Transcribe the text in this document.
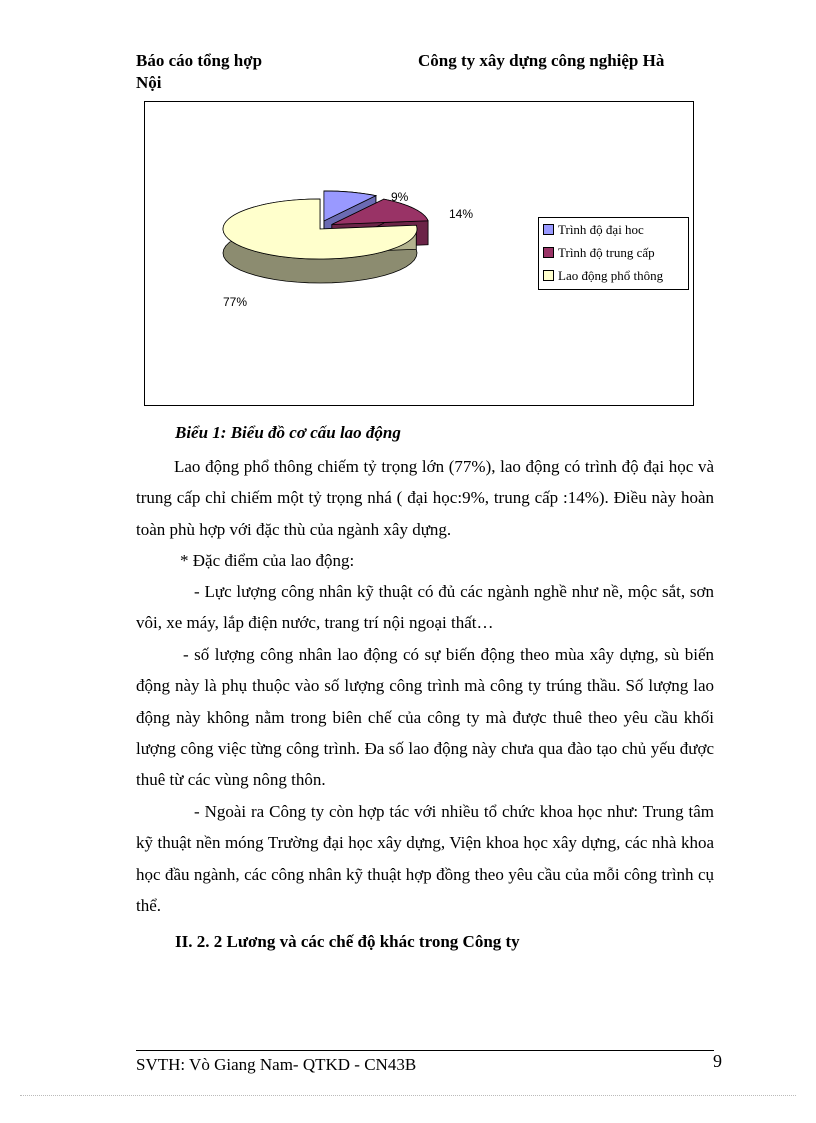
Báo cáo tổng hợp
Nội
Công ty xây dựng công nghiệp Hà
9%
14%
77%
Trình độ đại hoc
Trình độ trung cấp
Lao động phổ thông
Biểu 1: Biểu đồ cơ cấu lao động
Lao động phổ thông chiếm tỷ trọng lớn (77%), lao động có trình độ đại học và trung cấp chỉ chiếm một tỷ trọng nhá ( đại học:9%, trung cấp :14%). Điều này hoàn toàn phù hợp với đặc thù của ngành xây dựng.
* Đặc điểm của lao động:
- Lực lượng công nhân kỹ thuật có đủ các ngành nghề như nề, mộc sắt, sơn vôi, xe máy, lắp điện nước, trang trí nội ngoại thất…
- số lượng công nhân lao động có sự biến động theo mùa xây dựng, sù biến động này là phụ thuộc vào số lượng công trình mà công ty trúng thầu. Số lượng lao động này không nằm trong biên chế của công ty mà được thuê theo yêu cầu khối lượng công việc từng công trình. Đa số lao động này chưa qua đào tạo chủ yếu được thuê từ các vùng nông thôn.
- Ngoài ra Công ty còn hợp tác với nhiều tổ chức khoa học như: Trung tâm kỹ thuật nền móng Trường đại học xây dựng, Viện khoa học xây dựng, các nhà khoa học đầu ngành, các công nhân kỹ thuật hợp đồng theo yêu cầu của mỗi công trình cụ thể.
II. 2. 2 Lương và các chế độ khác trong Công ty
SVTH: Vò Giang Nam- QTKD - CN43B	9
